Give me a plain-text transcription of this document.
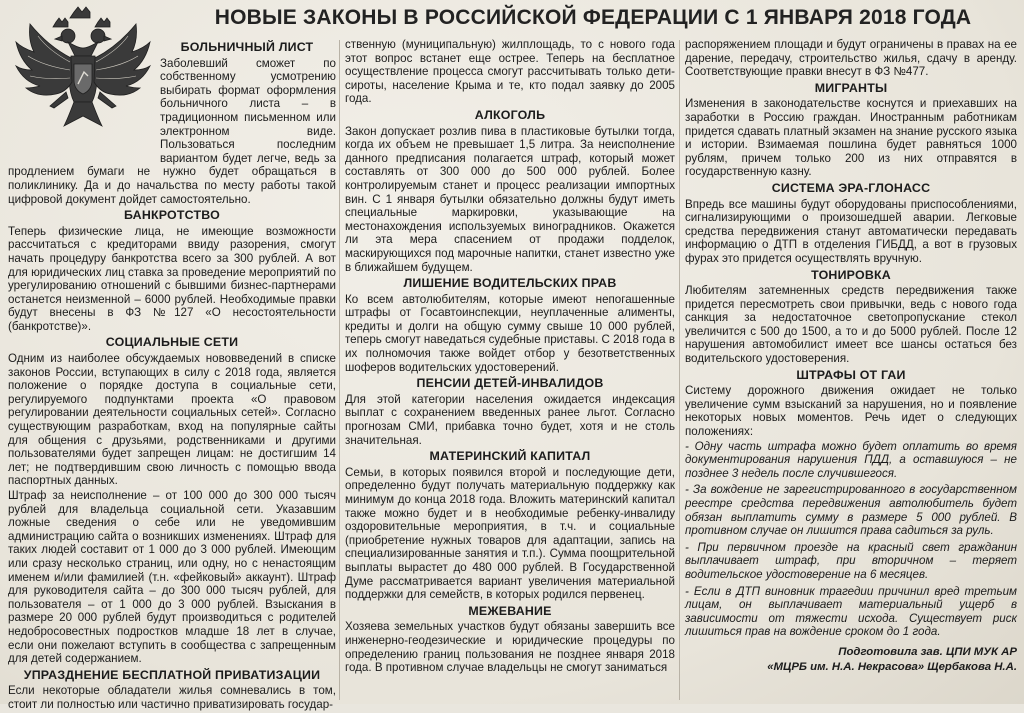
НОВЫЕ ЗАКОНЫ В РОССИЙСКОЙ ФЕДЕРАЦИИ С 1 ЯНВАРЯ 2018 ГОДА
БОЛЬНИЧНЫЙ ЛИСТ

Заболевший сможет по собственному усмотрению выбирать формат оформления больничного листа – в традиционном письменном или электронном виде. Пользоваться последним вариантом будет легче, ведь за продлением бумаги не нужно будет обращаться в поликлинику. Да и до начальства по месту работы такой цифровой документ дойдет самостоятельно.

БАНКРОТСТВО

Теперь физические лица, не имеющие возможности рассчитаться с кредиторами ввиду разорения, смогут начать процедуру банкротства всего за 300 рублей. А вот для юридических лиц ставка за проведение мероприятий по урегулированию отношений с бывшими бизнес-партнерами останется неизменной – 6000 рублей. Необходимые правки будут внесены в ФЗ №127 «О несостоятельности (банкротстве)».

СОЦИАЛЬНЫЕ СЕТИ

Одним из наиболее обсуждаемых нововведений в списке законов России, вступающих в силу с 2018 года, является положение о порядке доступа в социальные сети, регулируемого подпунктами проекта «О правовом регулировании деятельности социальных сетей». Согласно существующим разработкам, вход на популярные сайты для общения с друзьями, родственниками и другими пользователями будет запрещен лицам: не достигшим 14 лет; не подтвердившим свою личность с помощью ввода паспортных данных.

Штраф за неисполнение – от 100 000 до 300 000 тысяч рублей для владельца социальной сети. Указавшим ложные сведения о себе или не уведомившим администрацию сайта о возникших изменениях. Штраф для таких людей составит от 1 000 до 3 000 рублей. Имеющим или сразу несколько страниц, или одну, но с ненастоящим именем и/или фамилией (т.н. «фейковый» аккаунт). Штраф для руководителя сайта – до 300 000 тысяч рублей, для пользователя – от 1 000 до 3 000 рублей. Взыскания в размере 20 000 рублей будут производиться с родителей недоброcовестных подростков младше 18 лет в случае, если они пожелают вступить в сообщества с запрещенным для детей содержанием.

УПРАЗДНЕНИЕ БЕСПЛАТНОЙ ПРИВАТИЗАЦИИ

Если некоторые обладатели жилья сомневались в том, стоит ли полностью или частично приватизировать государ-

ственную (муниципальную) жилплощадь, то с нового года этот вопрос встанет еще острее. Теперь на бесплатное осуществление процесса смогут рассчитывать только дети-сироты, население Крыма и те, кто подал заявку до 2005 года.

АЛКОГОЛЬ

Закон допускает розлив пива в пластиковые бутылки тогда, когда их объем не превышает 1,5 литра. За неисполнение данного предписания полагается штраф, который может составлять от 300 000 до 500 000 рублей. Более контролируемым станет и процесс реализации импортных вин. С 1 января бутылки обязательно должны будут иметь специальные маркировки, указывающие на местонахождения используемых виноградников. Окажется ли эта мера спасением от продажи подделок, маскирующихся под марочные напитки, станет известно уже в ближайшем будущем.

ЛИШЕНИЕ ВОДИТЕЛЬСКИХ ПРАВ

Ко всем автолюбителям, которые имеют непогашенные штрафы от Госавтоинспекции, неуплаченные алименты, кредиты и долги на общую сумму свыше 10 000 рублей, теперь смогут наведаться судебные приставы. С 2018 года в их полномочия также войдет отбор у безответственных шоферов водительских удостоверений.

ПЕНСИИ ДЕТЕЙ-ИНВАЛИДОВ

Для этой категории населения ожидается индексация выплат с сохранением введенных ранее льгот. Согласно прогнозам СМИ, прибавка точно будет, хотя и не столь значительная.

МАТЕРИНСКИЙ КАПИТАЛ

Семьи, в которых появился второй и последующие дети, определенно будут получать материальную поддержку как минимум до конца 2018 года. Вложить материнский капитал также можно будет и в необходимые ребенку-инвалиду оздоровительные мероприятия, в т.ч. и социальные (приобретение нужных товаров для адаптации, запись на специализированные занятия и т.п.). Сумма поощрительной выплаты вырастет до 480 000 рублей. В Государственной Думе рассматривается вариант увеличения материальной поддержки для семейств, в которых родился первенец.

МЕЖЕВАНИЕ

Хозяева земельных участков будут обязаны завершить все инженерно-геодезические и юридические процедуры по определению границ пользования не позднее января 2018 года. В противном случае владельцы не смогут заниматься

распоряжением площади и будут ограничены в правах на ее дарение, передачу, строительство жилья, сдачу в аренду. Соответствующие правки внесут в ФЗ №477.

МИГРАНТЫ

Изменения в законодательстве коснутся и приехавших на заработки в Россию граждан. Иностранным работникам придется сдавать платный экзамен на знание русского языка и истории. Взимаемая пошлина будет равняться 1000 рублям, причем только 200 из них отправятся в государственную казну.

СИСТЕМА ЭРА-ГЛОНАСС

Впредь все машины будут оборудованы приспособлениями, сигнализирующими о произошедшей аварии. Легковые средства передвижения станут автоматически передавать информацию о ДТП в отделения ГИБДД, а вот в грузовых фурах это придется осуществлять вручную.

ТОНИРОВКА

Любителям затемненных средств передвижения также придется пересмотреть свои привычки, ведь с нового года санкция за недостаточное светопропускание стекол увеличится с 500 до 1500, а то и до 5000 рублей. После 12 нарушения автомобилист имеет все шансы остаться без водительского удостоверения.

ШТРАФЫ ОТ ГАИ

Систему дорожного движения ожидает не только увеличение сумм взысканий за нарушения, но и появление некоторых новых моментов. Речь идет о следующих положениях:

- Одну часть штрафа можно будет оплатить во время документирования нарушения ПДД, а оставшуюся – не позднее 3 недель после случившегося.

- За вождение не зарегистрированного в государственном реестре средства передвижения автолюбитель будет обязан выплатить сумму в размере 5 000 рублей. В противном случае он лишится права садиться за руль.

- При первичном проезде на красный свет гражданин выплачивает штраф, при вторичном – теряет водительское удостоверение на 6 месяцев.

- Если в ДТП виновник трагедии причинил вред третьим лицам, он выплачивает материальный ущерб в зависимости от тяжести исхода. Существует риск лишиться прав на вождение сроком до 1 года.

Подготовила зав. ЦПИ МУК АР
«МЦРБ им. Н.А. Некрасова» Щербакова Н.А.
